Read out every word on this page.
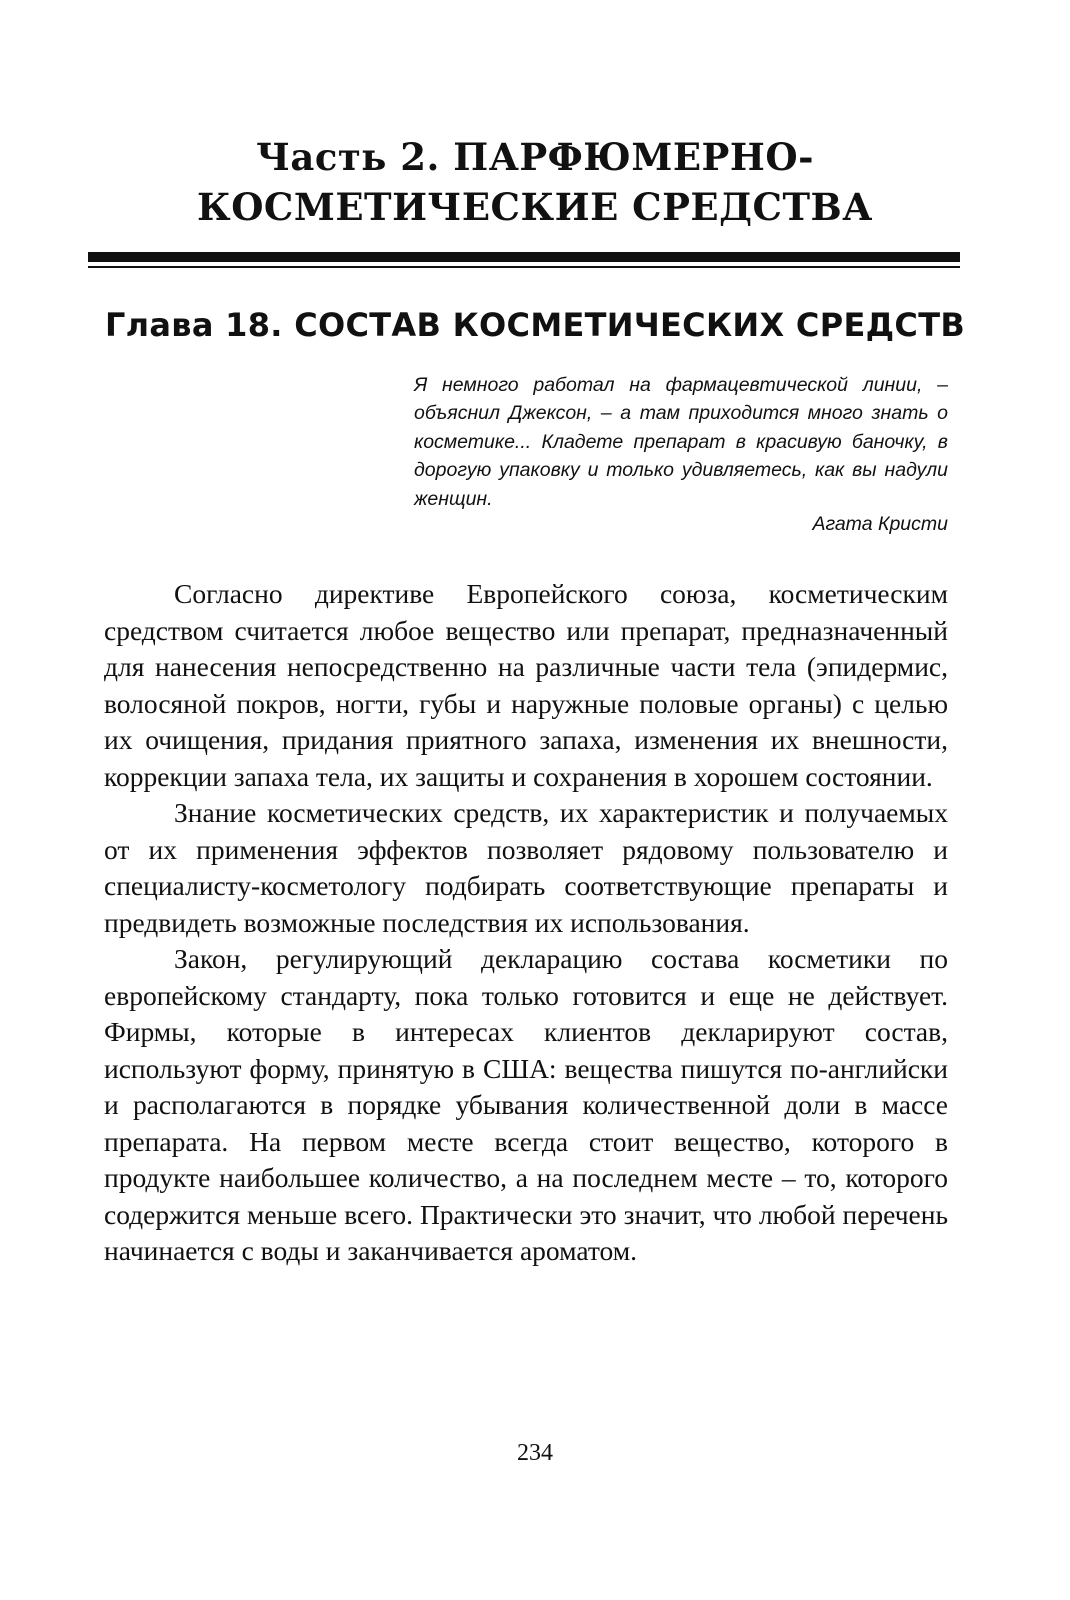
Часть 2. ПАРФЮМЕРНО-
КОСМЕТИЧЕСКИЕ СРЕДСТВА
Глава 18. СОСТАВ КОСМЕТИЧЕСКИХ СРЕДСТВ

Я немного работал на фармацевтической линии, – объяснил Джексон, – а там приходится много знать о косметике... Кладете препарат в красивую баночку, в дорогую упаковку и только удивляетесь, как вы надули женщин.

Агата Кристи

Согласно директиве Европейского союза, косметическим средством считается любое вещество или препарат, предназначенный для нанесения непосредственно на различные части тела (эпидермис, волосяной покров, ногти, губы и наружные половые органы) с целью их очищения, придания приятного запаха, изменения их внешности, коррекции запаха тела, их защиты и сохранения в хорошем состоянии.

Знание косметических средств, их характеристик и получаемых от их применения эффектов позволяет рядовому пользователю и специалисту-косметологу подбирать соответствующие препараты и предвидеть возможные последствия их использования.

Закон, регулирующий декларацию состава косметики по европейскому стандарту, пока только готовится и еще не действует. Фирмы, которые в интересах клиентов декларируют состав, используют форму, принятую в США: вещества пишутся по-английски и располагаются в порядке убывания количественной доли в массе препарата. На первом месте всегда стоит вещество, которого в продукте наибольшее количество, а на последнем месте – то, которого содержится меньше всего. Практически это значит, что любой перечень начинается с воды и заканчивается ароматом.

234
